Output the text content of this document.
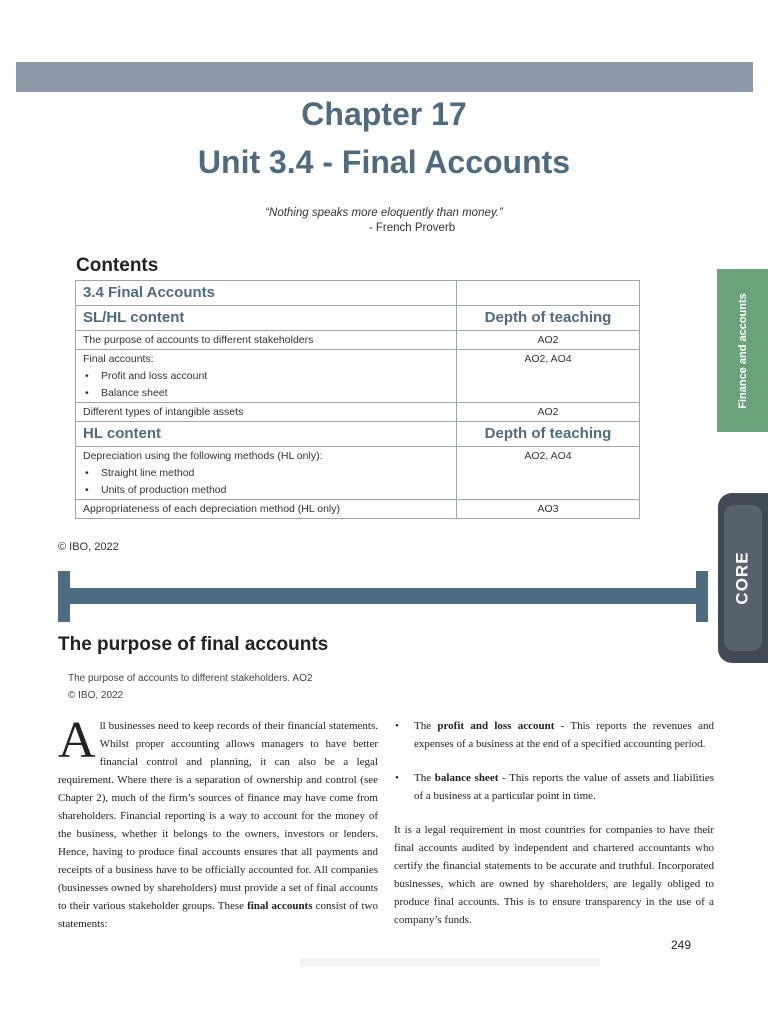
Chapter 17
Unit 3.4 - Final Accounts
“Nothing speaks more eloquently than money.”
- French Proverb
Contents
3.4 Final Accounts	
SL/HL content	Depth of teaching
The purpose of accounts to different stakeholders	AO2
Final accounts:
• Profit and loss account
• Balance sheet	AO2, AO4
Different types of intangible assets	AO2
HL content	Depth of teaching
Depreciation using the following methods (HL only):
• Straight line method
• Units of production method	AO2, AO4
Appropriateness of each depreciation method (HL only)	AO3
© IBO, 2022
Finance and accounts
CORE
The purpose of final accounts
The purpose of accounts to different stakeholders. AO2
© IBO, 2022
All businesses need to keep records of their financial statements. Whilst proper accounting allows managers to have better financial control and planning, it can also be a legal requirement. Where there is a separation of ownership and control (see Chapter 2), much of the firm’s sources of finance may have come from shareholders. Financial reporting is a way to account for the money of the business, whether it belongs to the owners, investors or lenders. Hence, having to produce final accounts ensures that all payments and receipts of a business have to be officially accounted for. All companies (businesses owned by shareholders) must provide a set of final accounts to their various stakeholder groups. These final accounts consist of two statements:
• The profit and loss account - This reports the revenues and expenses of a business at the end of a specified accounting period.
• The balance sheet - This reports the value of assets and liabilities of a business at a particular point in time.
It is a legal requirement in most countries for companies to have their final accounts audited by independent and chartered accountants who certify the financial statements to be accurate and truthful. Incorporated businesses, which are owned by shareholders, are legally obliged to produce final accounts. This is to ensure transparency in the use of a company’s funds.
249
